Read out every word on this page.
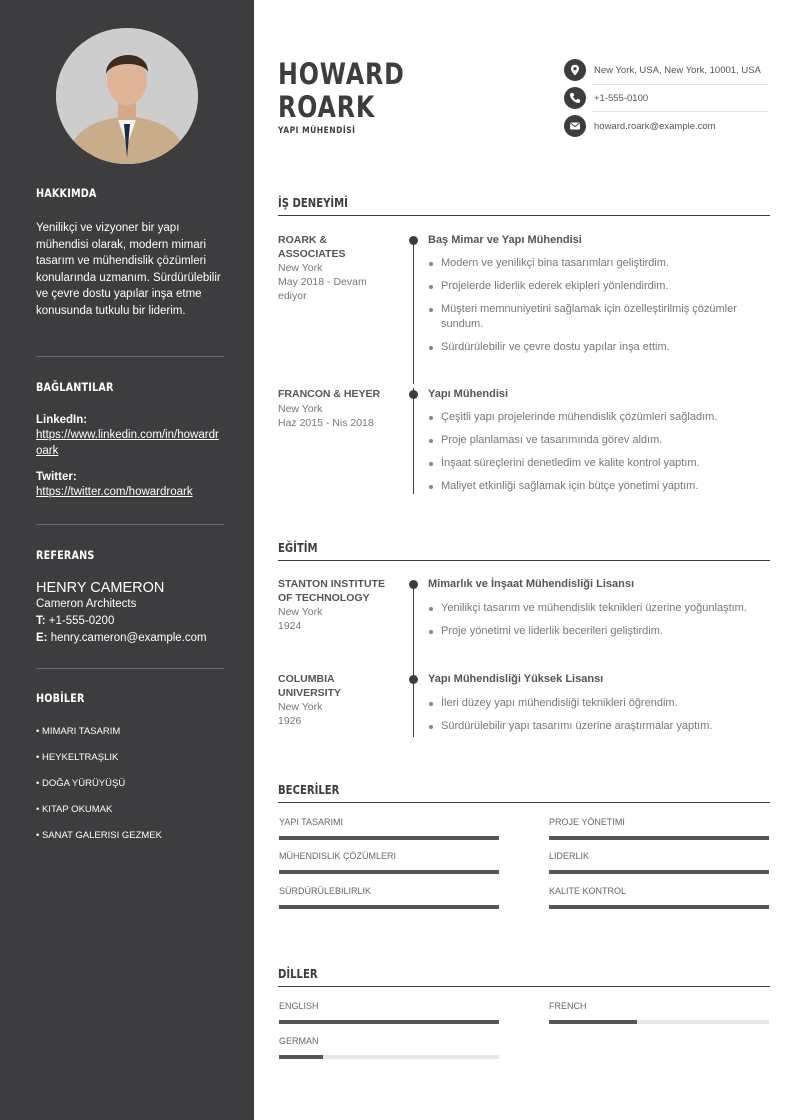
HAKKIMDA

Yenilikçi ve vizyoner bir yapı mühendisi olarak, modern mimari tasarım ve mühendislik çözümleri konularında uzmanım. Sürdürülebilir ve çevre dostu yapılar inşa etme konusunda tutkulu bir liderim.

BAĞLANTILAR
LinkedIn:
https://www.linkedin.com/in/howardroark
Twitter:
https://twitter.com/howardroark
REFERANS
HENRY CAMERON
Cameron Architects
T: +1-555-0200
E: henry.cameron@example.com
HOBİLER
• MIMARI TASARIM
• HEYKELTRAŞLIK
• DOĞA YÜRÜYÜŞÜ
• KITAP OKUMAK
• SANAT GALERISI GEZMEK
HOWARD
ROARK
YAPI MÜHENDİSİ
New York, USA, New York, 10001, USA
+1-555-0100
howard.roark@example.com
İŞ DENEYİMİ
ROARK & ASSOCIATES
New York
May 2018 - Devam ediyor
Baş Mimar ve Yapı Mühendisi
Modern ve yenilikçi bina tasarımları geliştirdim.
Projelerde liderlik ederek ekipleri yönlendirdim.
Müşteri memnuniyetini sağlamak için özelleştirilmiş çözümler sundum.
Sürdürülebilir ve çevre dostu yapılar inşa ettim.
FRANCON & HEYER
New York
Haz 2015 - Nis 2018
Yapı Mühendisi
Çeşitli yapı projelerinde mühendislik çözümleri sağladım.
Proje planlaması ve tasarımında görev aldım.
İnşaat süreçlerini denetledim ve kalite kontrol yaptım.
Maliyet etkinliği sağlamak için bütçe yönetimi yaptım.
EĞİTİM
STANTON INSTITUTE OF TECHNOLOGY
New York
1924
Mimarlık ve İnşaat Mühendisliği Lisansı
Yenilikçi tasarım ve mühendislik teknikleri üzerine yoğunlaştım.
Proje yönetimi ve liderlik becerileri geliştirdim.
COLUMBIA UNIVERSITY
New York
1926
Yapı Mühendisliği Yüksek Lisansı
İleri düzey yapı mühendisliği teknikleri öğrendim.
Sürdürülebilir yapı tasarımı üzerine araştırmalar yaptım.
BECERİLER
YAPI TASARIMI	PROJE YÖNETIMI
MÜHENDISLIK ÇÖZÜMLERI	LIDERLIK
SÜRDÜRÜLEBILIRLIK	KALITE KONTROL
DİLLER
ENGLISH	FRENCH
GERMAN
